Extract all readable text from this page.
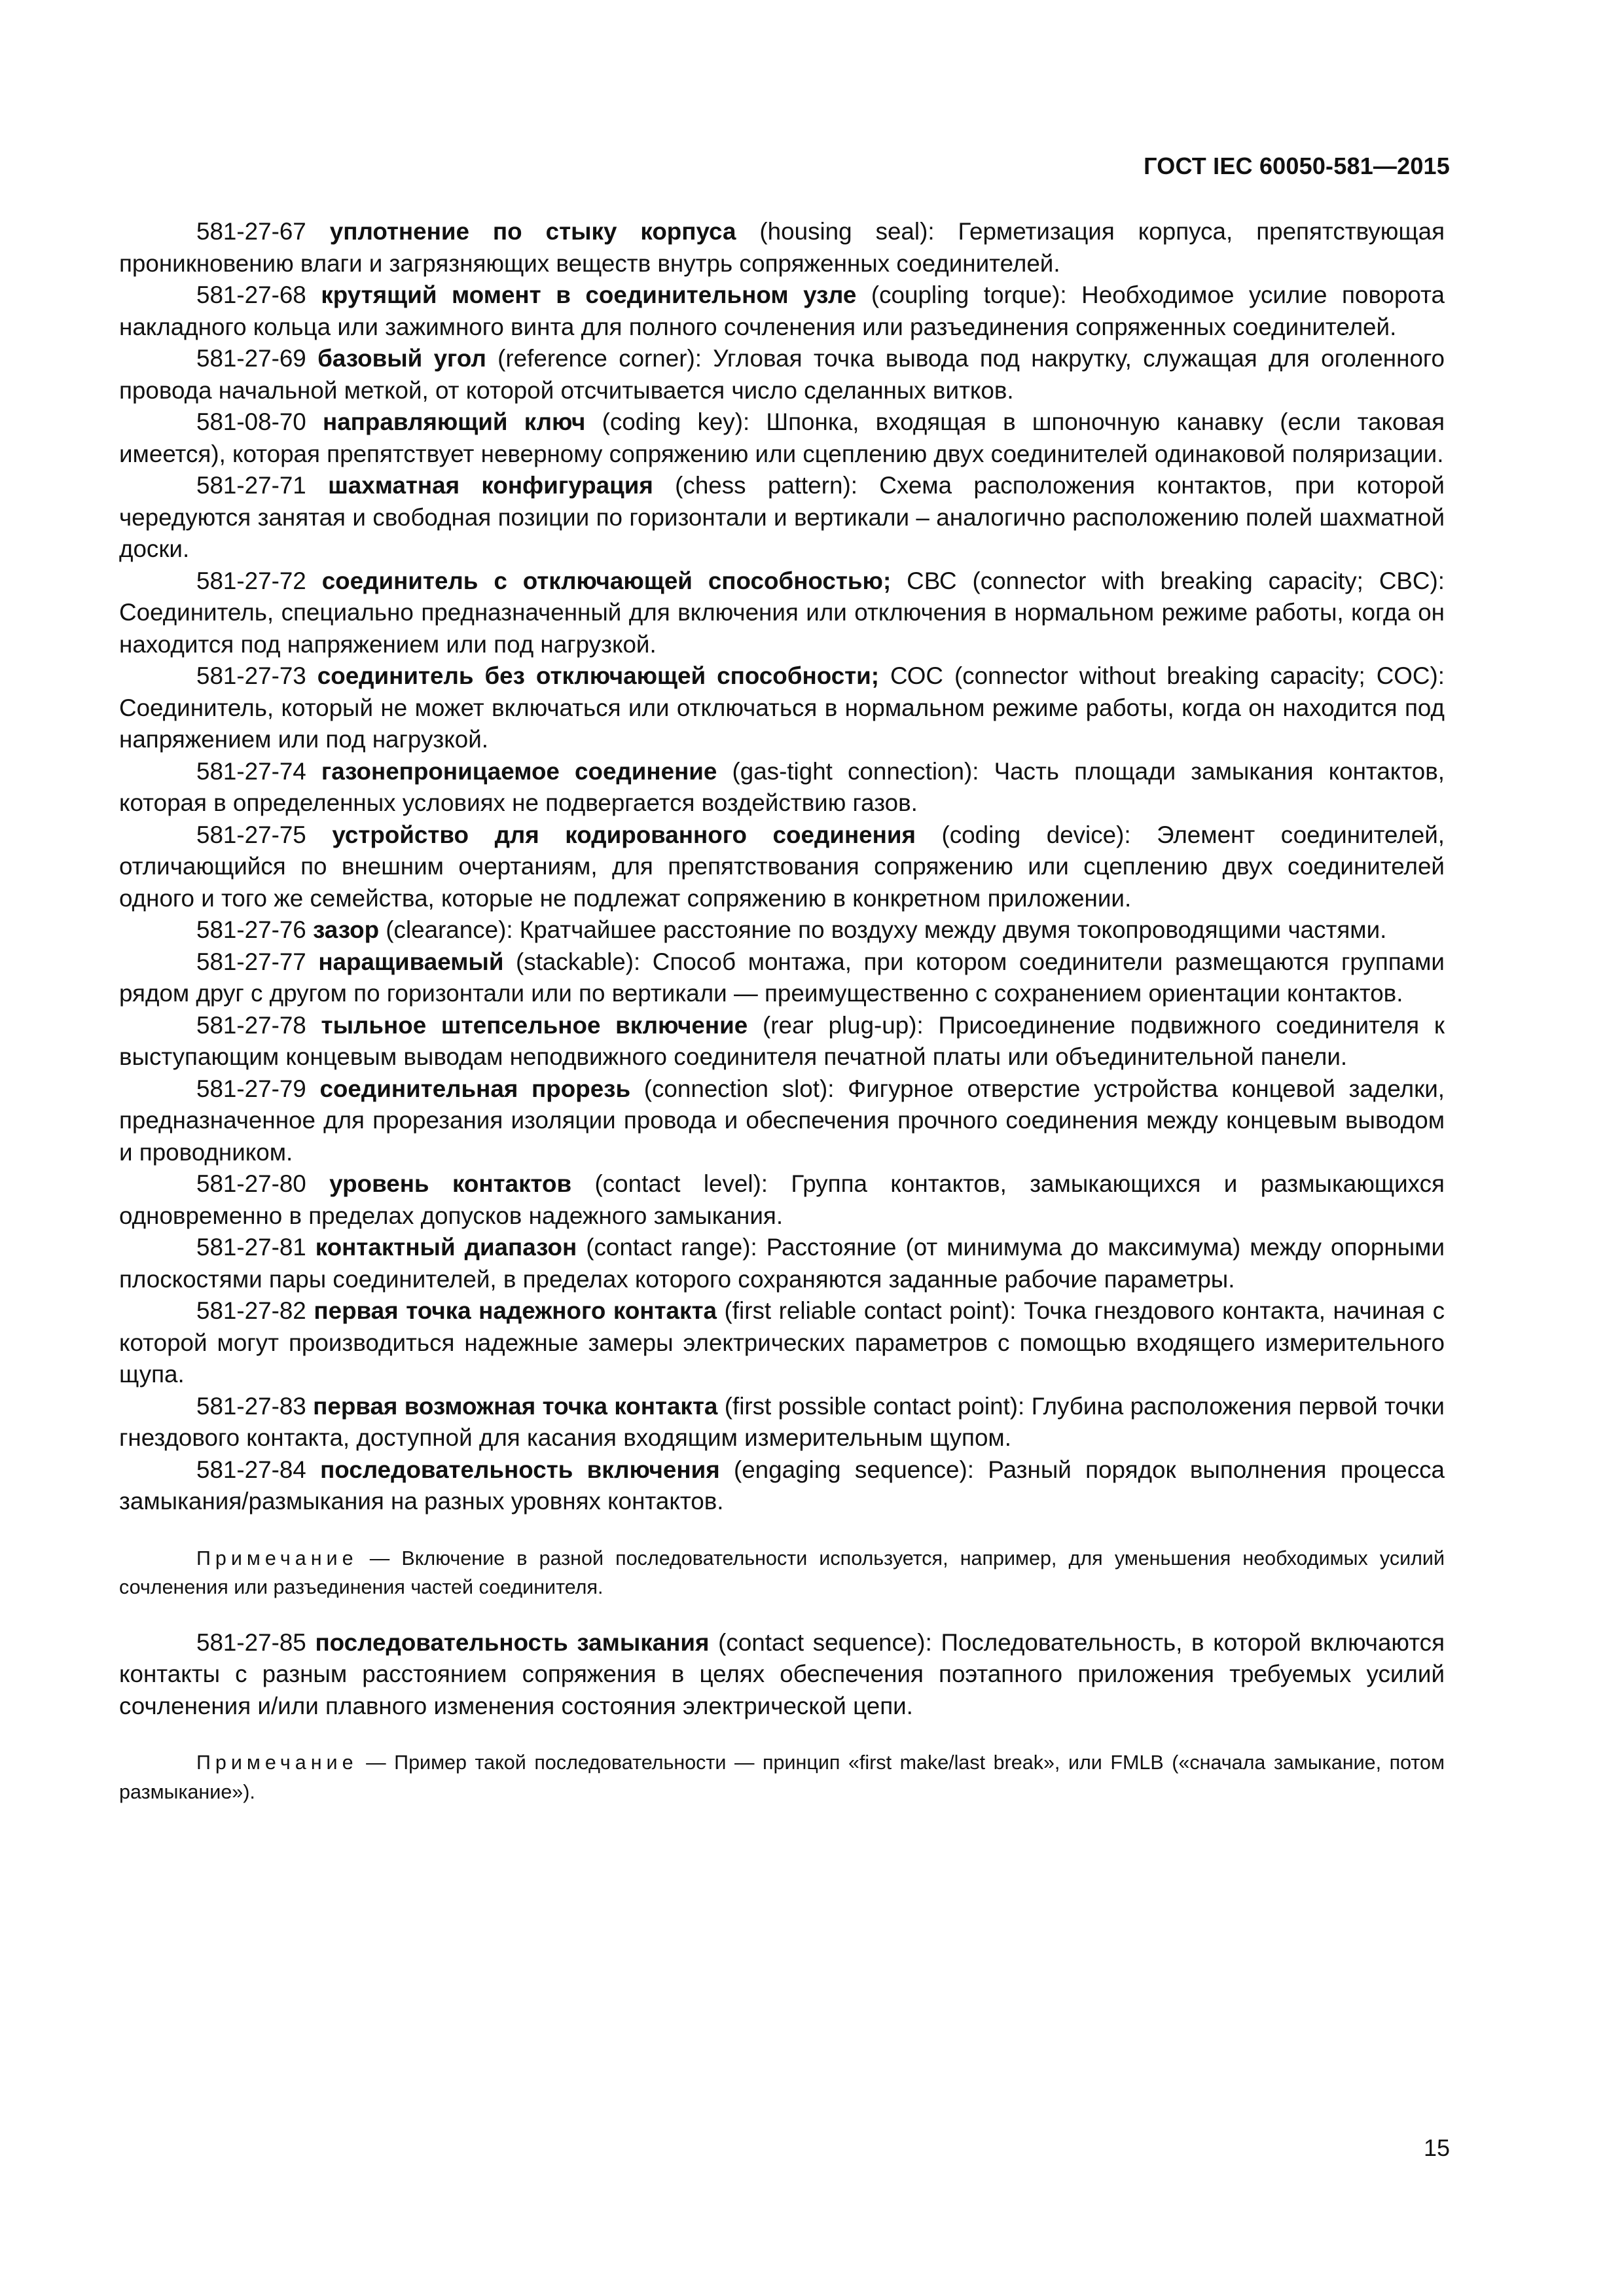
ГОСТ IEC 60050-581—2015

581-27-67 уплотнение по стыку корпуса (housing seal): Герметизация корпуса, препятствующая проникновению влаги и загрязняющих веществ внутрь сопряженных соединителей.

581-27-68 крутящий момент в соединительном узле (coupling torque): Необходимое усилие поворота накладного кольца или зажимного винта для полного сочленения или разъединения сопряженных соединителей.

581-27-69 базовый угол (reference corner): Угловая точка вывода под накрутку, служащая для оголенного провода начальной меткой, от которой отсчитывается число сделанных витков.

581-08-70 направляющий ключ (coding key): Шпонка, входящая в шпоночную канавку (если таковая имеется), которая препятствует неверному сопряжению или сцеплению двух соединителей одинаковой поляризации.

581-27-71 шахматная конфигурация (chess pattern): Схема расположения контактов, при которой чередуются занятая и свободная позиции по горизонтали и вертикали – аналогично расположению полей шахматной доски.

581-27-72 соединитель с отключающей способностью; СВС (connector with breaking capacity; CBC): Соединитель, специально предназначенный для включения или отключения в нормальном режиме работы, когда он находится под напряжением или под нагрузкой.

581-27-73 соединитель без отключающей способности; СОС (connector without breaking capacity; COC): Соединитель, который не может включаться или отключаться в нормальном режиме работы, когда он находится под напряжением или под нагрузкой.

581-27-74 газонепроницаемое соединение (gas-tight connection): Часть площади замыкания контактов, которая в определенных условиях не подвергается воздействию газов.

581-27-75 устройство для кодированного соединения (coding device): Элемент соединителей, отличающийся по внешним очертаниям, для препятствования сопряжению или сцеплению двух соединителей одного и того же семейства, которые не подлежат сопряжению в конкретном приложении.

581-27-76 зазор (clearance): Кратчайшее расстояние по воздуху между двумя токопроводящими частями.

581-27-77 наращиваемый (stackable): Способ монтажа, при котором соединители размещаются группами рядом друг с другом по горизонтали или по вертикали — преимущественно с сохранением ориентации контактов.

581-27-78 тыльное штепсельное включение (rear plug-up): Присоединение подвижного соединителя к выступающим концевым выводам неподвижного соединителя печатной платы или объединительной панели.

581-27-79 соединительная прорезь (connection slot): Фигурное отверстие устройства концевой заделки, предназначенное для прорезания изоляции провода и обеспечения прочного соединения между концевым выводом и проводником.

581-27-80 уровень контактов (contact level): Группа контактов, замыкающихся и размыкающихся одновременно в пределах допусков надежного замыкания.

581-27-81 контактный диапазон (contact range): Расстояние (от минимума до максимума) между опорными плоскостями пары соединителей, в пределах которого сохраняются заданные рабочие параметры.

581-27-82 первая точка надежного контакта (first reliable contact point): Точка гнездового контакта, начиная с которой могут производиться надежные замеры электрических параметров с помощью входящего измерительного щупа.

581-27-83 первая возможная точка контакта (first possible contact point): Глубина расположения первой точки гнездового контакта, доступной для касания входящим измерительным щупом.

581-27-84 последовательность включения (engaging sequence): Разный порядок выполнения процесса замыкания/размыкания на разных уровнях контактов.

Примечание — Включение в разной последовательности используется, например, для уменьшения необходимых усилий сочленения или разъединения частей соединителя.

581-27-85 последовательность замыкания (contact sequence): Последовательность, в которой включаются контакты с разным расстоянием сопряжения в целях обеспечения поэтапного приложения требуемых усилий сочленения и/или плавного изменения состояния электрической цепи.

Примечание — Пример такой последовательности — принцип «first make/last break», или FMLB («сначала замыкание, потом размыкание»).

15
